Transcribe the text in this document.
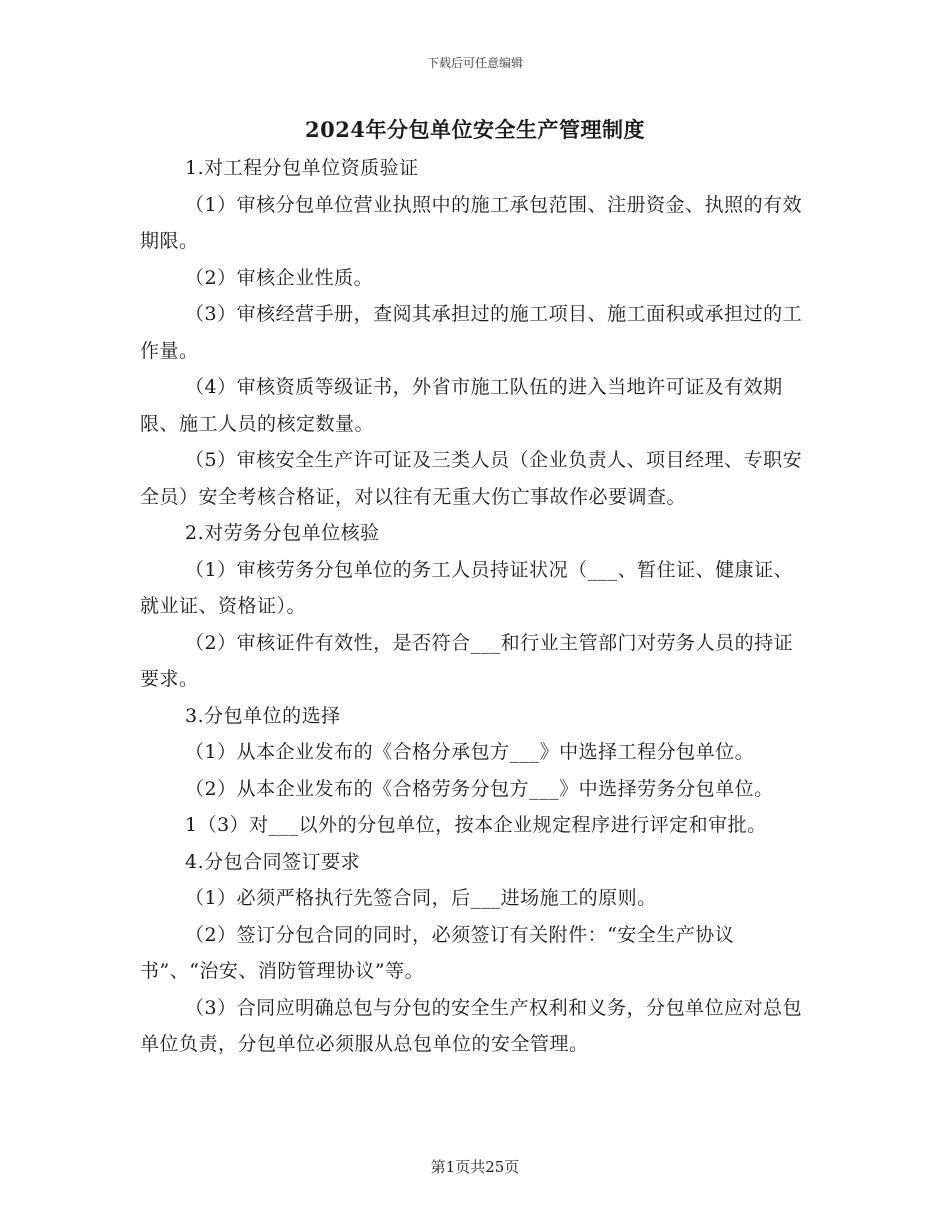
下载后可任意编辑
2024年分包单位安全生产管理制度

1.对工程分包单位资质验证

（1）审核分包单位营业执照中的施工承包范围、注册资金、执照的有效期限。

（2）审核企业性质。

（3）审核经营手册，查阅其承担过的施工项目、施工面积或承担过的工作量。

（4）审核资质等级证书，外省市施工队伍的进入当地许可证及有效期限、施工人员的核定数量。

（5）审核安全生产许可证及三类人员（企业负责人、项目经理、专职安全员）安全考核合格证，对以往有无重大伤亡事故作必要调查。

2.对劳务分包单位核验

（1）审核劳务分包单位的务工人员持证状况（___、暂住证、健康证、就业证、资格证）。

（2）审核证件有效性，是否符合___和行业主管部门对劳务人员的持证要求。

3.分包单位的选择

（1）从本企业发布的《合格分承包方___》中选择工程分包单位。

（2）从本企业发布的《合格劳务分包方___》中选择劳务分包单位。

1（3）对___以外的分包单位，按本企业规定程序进行评定和审批。

4.分包合同签订要求

（1）必须严格执行先签合同，后___进场施工的原则。

（2）签订分包合同的同时，必须签订有关附件：“安全生产协议书”、“治安、消防管理协议”等。

（3）合同应明确总包与分包的安全生产权利和义务，分包单位应对总包单位负责，分包单位必须服从总包单位的安全管理。

第1页共25页
